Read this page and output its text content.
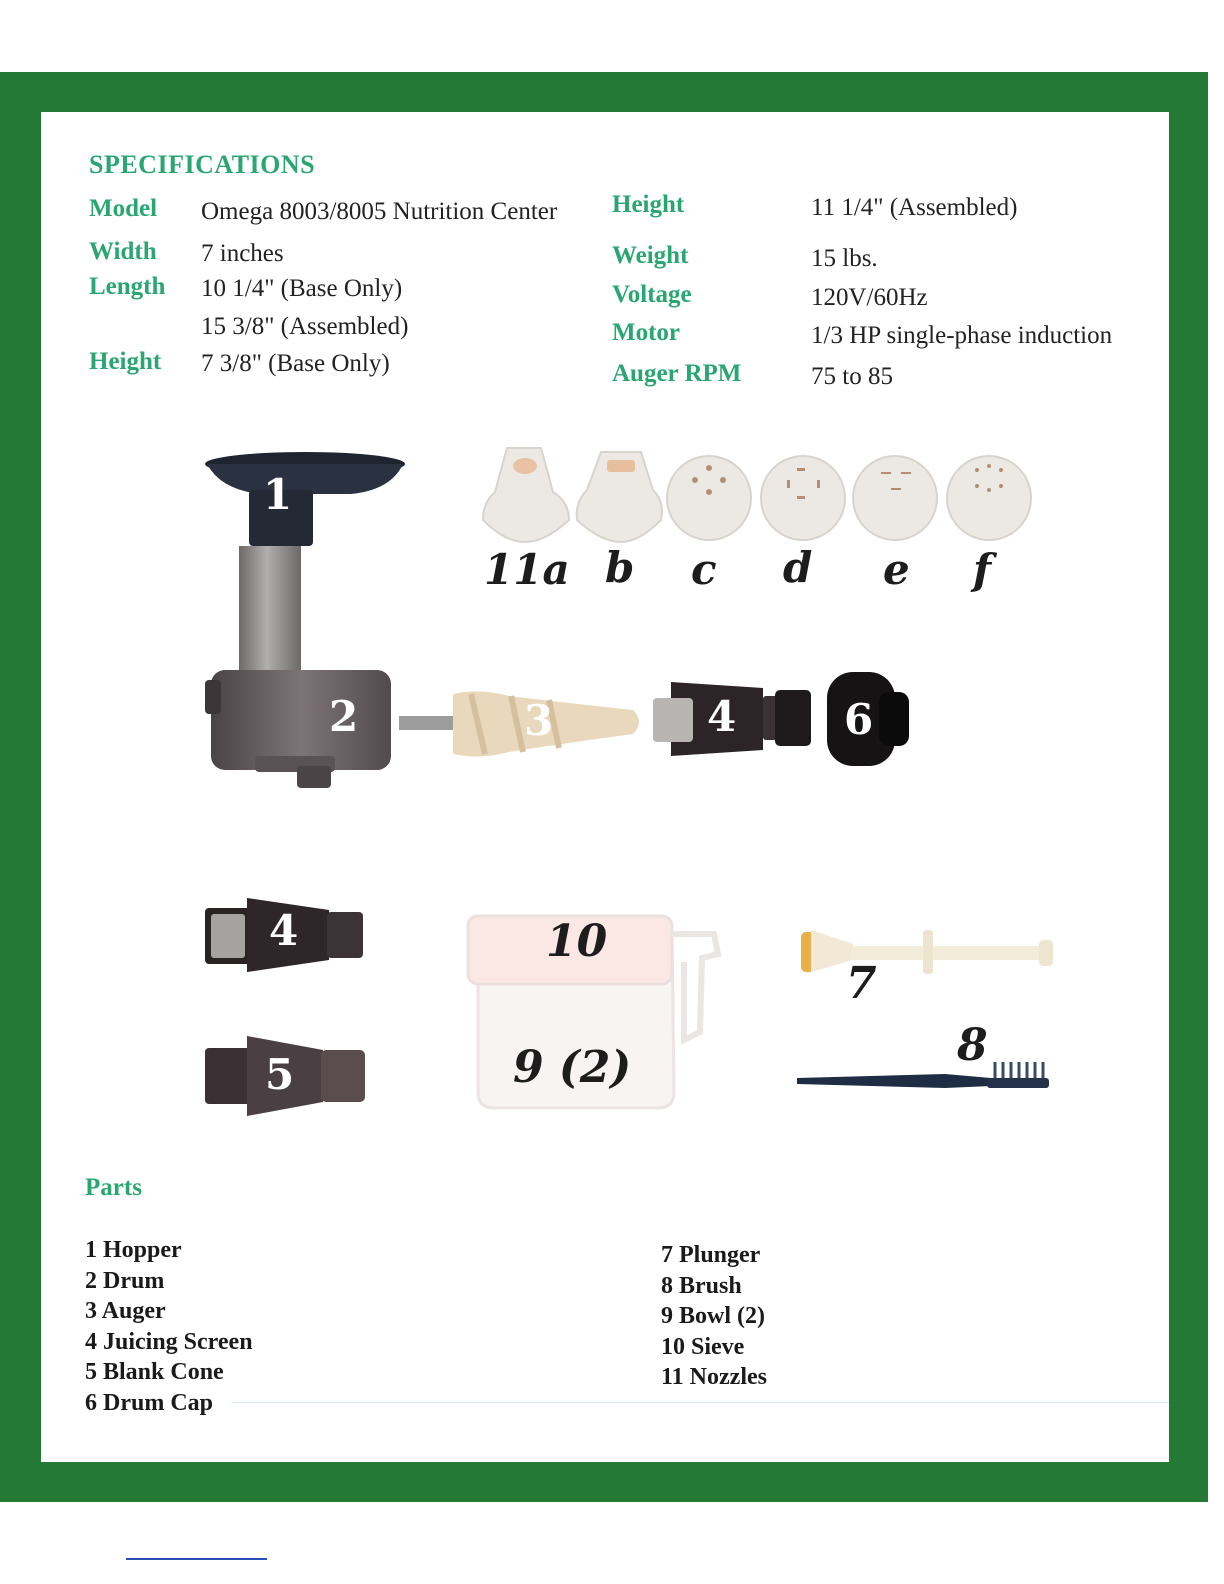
SPECIFICATIONS
Model Omega 8003/8005 Nutrition Center
Width 7 inches
Length 10 1/4" (Base Only)
15 3/8" (Assembled)
Height 7 3/8" (Base Only)
Height	11 1/4" (Assembled)
Weight	15 lbs.
Voltage	120V/60Hz
Motor	1/3 HP single-phase induction
Auger RPM	75 to 85
1
2	3	4	6
11a b c d e f
4
5
10
9 (2)
7
8
Parts
1 Hopper
2 Drum
3 Auger
4 Juicing Screen
5 Blank Cone
6 Drum Cap
7 Plunger
8 Brush
9 Bowl (2)
10 Sieve
11 Nozzles
